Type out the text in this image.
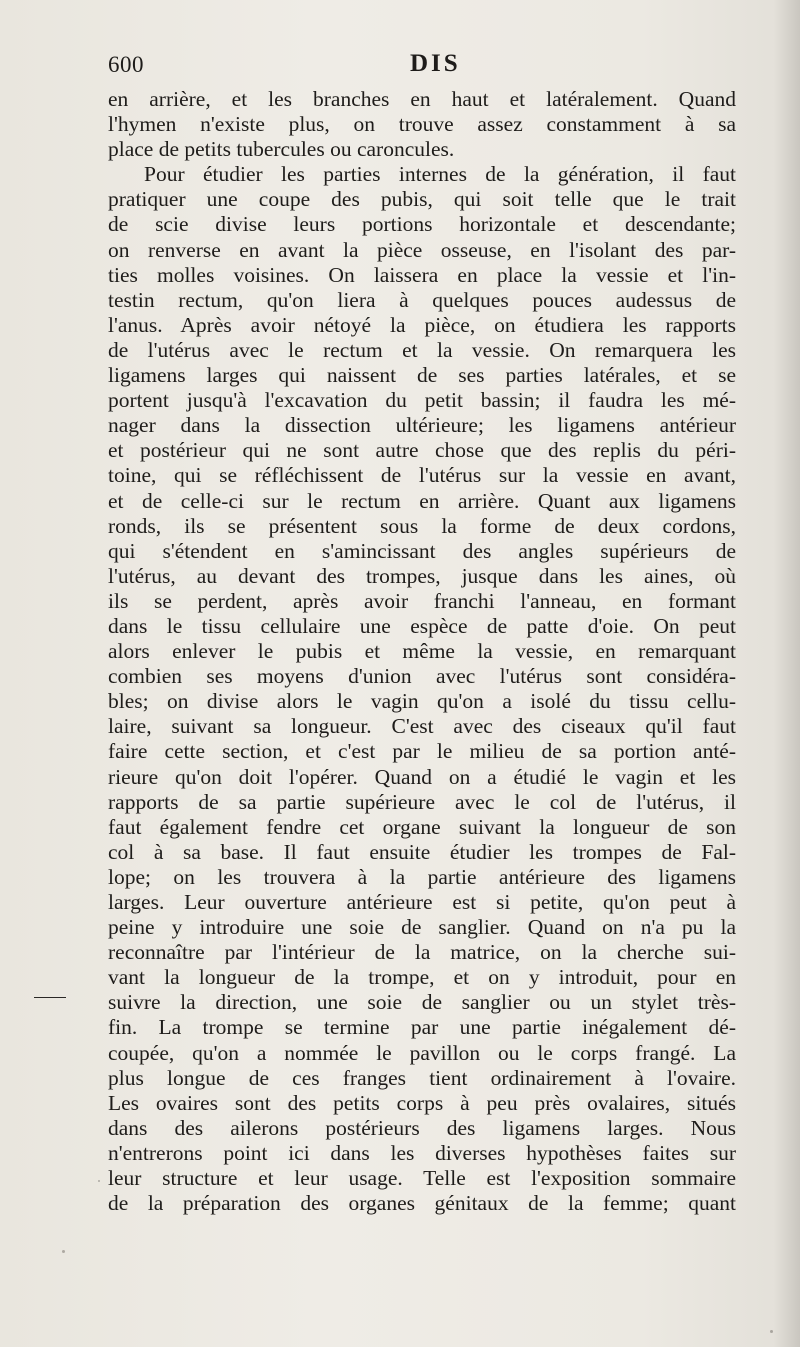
600	DIS
en arrière, et les branches en haut et latéralement. Quand
l'hymen n'existe plus, on trouve assez constamment à sa
place de petits tubercules ou caroncules.
Pour étudier les parties internes de la génération, il faut
pratiquer une coupe des pubis, qui soit telle que le trait
de scie divise leurs portions horizontale et descendante;
on renverse en avant la pièce osseuse, en l'isolant des par-
ties molles voisines. On laissera en place la vessie et l'in-
testin rectum, qu'on liera à quelques pouces audessus de
l'anus. Après avoir nétoyé la pièce, on étudiera les rapports
de l'utérus avec le rectum et la vessie. On remarquera les
ligamens larges qui naissent de ses parties latérales, et se
portent jusqu'à l'excavation du petit bassin; il faudra les mé-
nager dans la dissection ultérieure; les ligamens antérieur
et postérieur qui ne sont autre chose que des replis du péri-
toine, qui se réfléchissent de l'utérus sur la vessie en avant,
et de celle-ci sur le rectum en arrière. Quant aux ligamens
ronds, ils se présentent sous la forme de deux cordons,
qui s'étendent en s'amincissant des angles supérieurs de
l'utérus, au devant des trompes, jusque dans les aines, où
ils se perdent, après avoir franchi l'anneau, en formant
dans le tissu cellulaire une espèce de patte d'oie. On peut
alors enlever le pubis et même la vessie, en remarquant
combien ses moyens d'union avec l'utérus sont considéra-
bles; on divise alors le vagin qu'on a isolé du tissu cellu-
laire, suivant sa longueur. C'est avec des ciseaux qu'il faut
faire cette section, et c'est par le milieu de sa portion anté-
rieure qu'on doit l'opérer. Quand on a étudié le vagin et les
rapports de sa partie supérieure avec le col de l'utérus, il
faut également fendre cet organe suivant la longueur de son
col à sa base. Il faut ensuite étudier les trompes de Fal-
lope; on les trouvera à la partie antérieure des ligamens
larges. Leur ouverture antérieure est si petite, qu'on peut à
peine y introduire une soie de sanglier. Quand on n'a pu la
reconnaître par l'intérieur de la matrice, on la cherche sui-
vant la longueur de la trompe, et on y introduit, pour en
suivre la direction, une soie de sanglier ou un stylet très-
fin. La trompe se termine par une partie inégalement dé-
coupée, qu'on a nommée le pavillon ou le corps frangé. La
plus longue de ces franges tient ordinairement à l'ovaire.
Les ovaires sont des petits corps à peu près ovalaires, situés
dans des ailerons postérieurs des ligamens larges. Nous
n'entrerons point ici dans les diverses hypothèses faites sur
leur structure et leur usage. Telle est l'exposition sommaire
de la préparation des organes génitaux de la femme; quant
